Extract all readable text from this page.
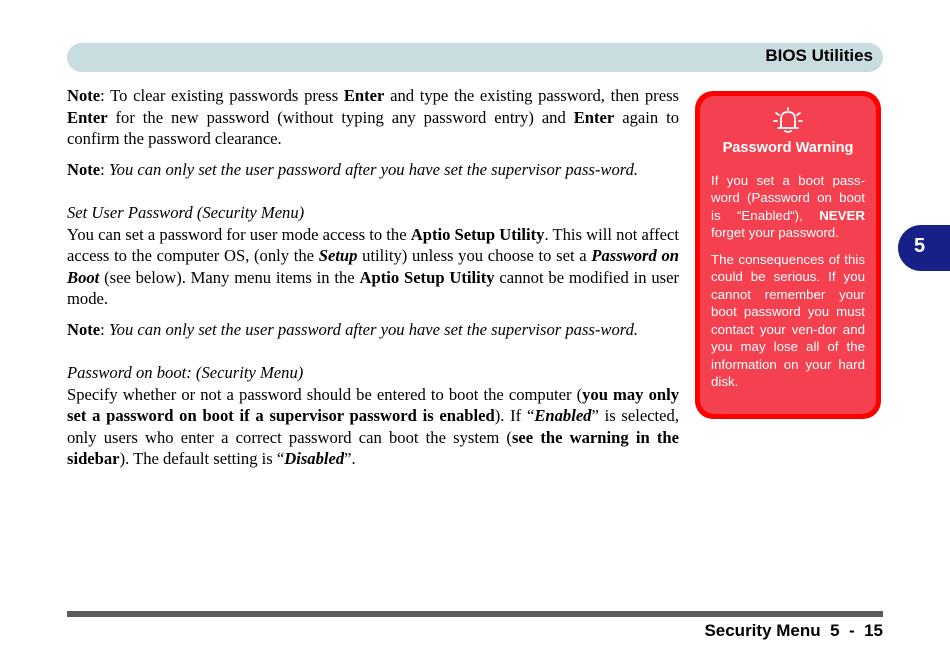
BIOS Utilities

Note: To clear existing passwords press Enter and type the existing password, then press Enter for the new password (without typing any password entry) and Enter again to confirm the password clearance.

Note: You can only set the user password after you have set the supervisor pass-word.

Set User Password (Security Menu)

You can set a password for user mode access to the Aptio Setup Utility. This will not affect access to the computer OS, (only the Setup utility) unless you choose to set a Password on Boot (see below). Many menu items in the Aptio Setup Utility cannot be modified in user mode.

Note: You can only set the user password after you have set the supervisor pass-word.

Password on boot: (Security Menu)

Specify whether or not a password should be entered to boot the computer (you may only set a password on boot if a supervisor password is enabled). If “Enabled” is selected, only users who enter a correct password can boot the system (see the warning in the sidebar). The default setting is “Disabled”.

Password Warning

If you set a boot pass-word (Password on boot is “Enabled“), NEVER forget your password.

The consequences of this could be serious. If you cannot remember your boot password you must contact your ven-dor and you may lose all of the information on your hard disk.

5
Security Menu  5  -  15
